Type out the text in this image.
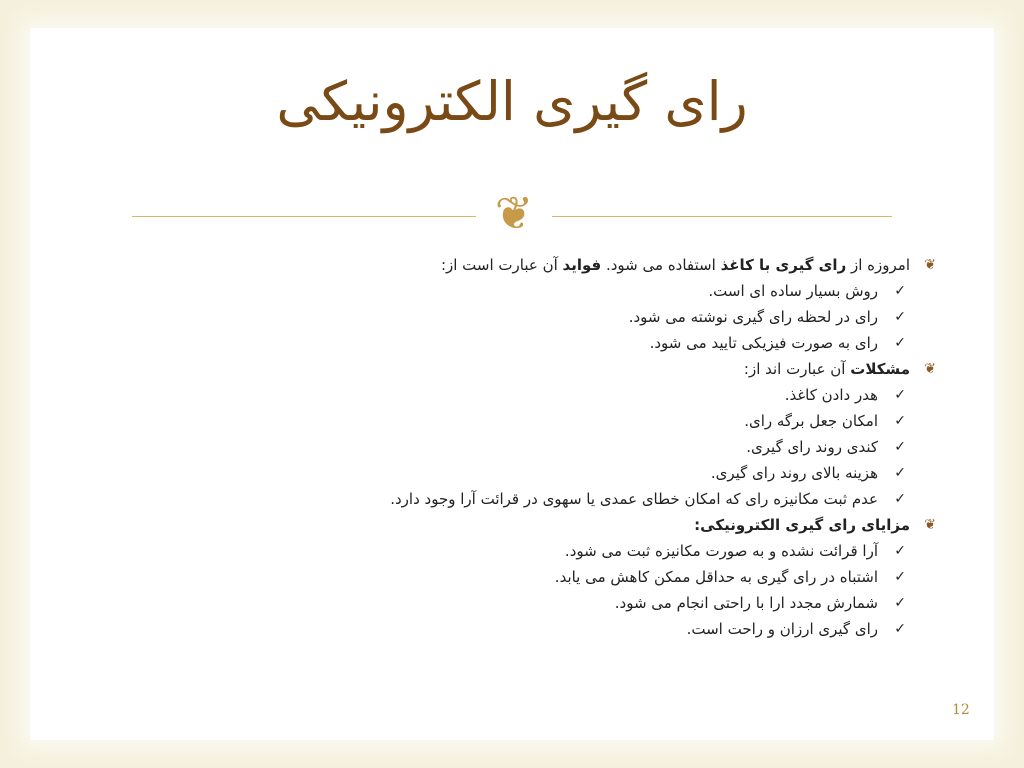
رای گیری الکترونیکی
❦
❦
امروزه از رای گیری با کاغذ استفاده می شود. فواید آن عبارت است از:
✓
روش بسیار ساده ای است.
✓
رای در لحظه رای گیری نوشته می شود.
✓
رای به صورت فیزیکی تایید می شود.
❦
مشکلات آن عبارت اند از:
✓
هدر دادن کاغذ.
✓
امکان جعل برگه رای.
✓
کندی روند رای گیری.
✓
هزینه بالای روند رای گیری.
✓
عدم ثبت مکانیزه رای که امکان خطای عمدی یا سهوی در قرائت آرا وجود دارد.
❦
مزایای رای گیری الکترونیکی:
✓
آرا قرائت نشده و به صورت مکانیزه ثبت می شود.
✓
اشتباه در رای گیری به حداقل ممکن کاهش می یابد.
✓
شمارش مجدد ارا با راحتی انجام می شود.
✓
رای گیری ارزان و راحت است.
12
